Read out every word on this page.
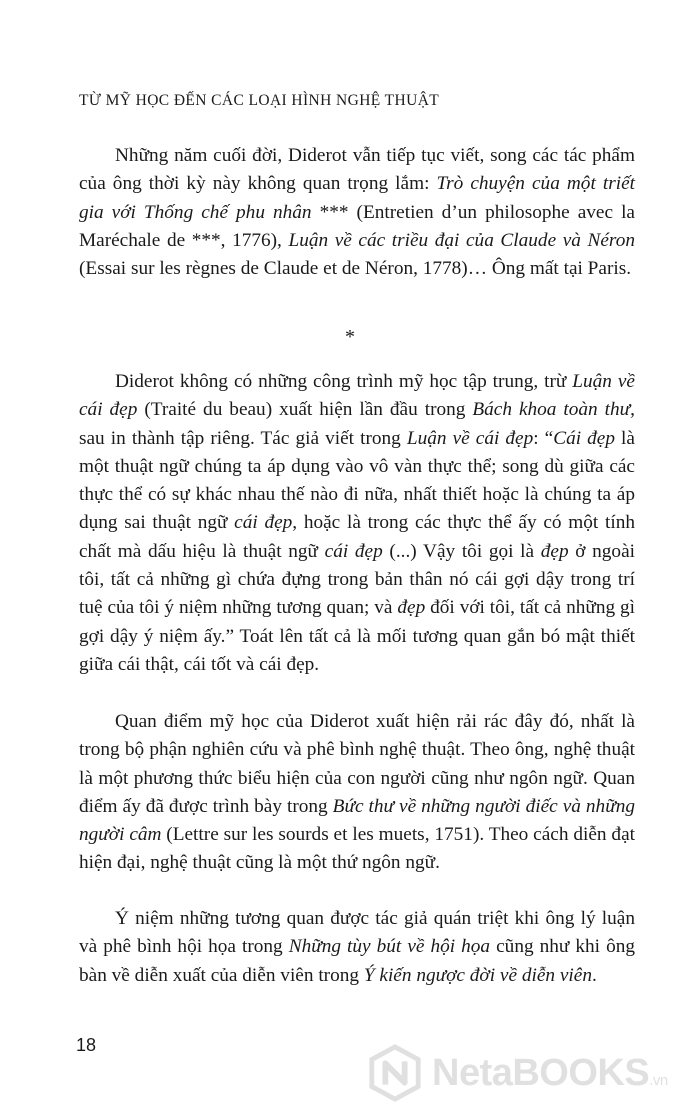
TỪ MỸ HỌC ĐẾN CÁC LOẠI HÌNH NGHỆ THUẬT

Những năm cuối đời, Diderot vẫn tiếp tục viết, song các tác phẩm của ông thời kỳ này không quan trọng lắm: Trò chuyện của một triết gia với Thống chế phu nhân *** (Entretien d’un philosophe avec la Maréchale de ***, 1776), Luận về các triều đại của Claude và Néron (Essai sur les règnes de Claude et de Néron, 1778)… Ông mất tại Paris.

*

Diderot không có những công trình mỹ học tập trung, trừ Luận về cái đẹp (Traité du beau) xuất hiện lần đầu trong Bách khoa toàn thư, sau in thành tập riêng. Tác giả viết trong Luận về cái đẹp: “Cái đẹp là một thuật ngữ chúng ta áp dụng vào vô vàn thực thể; song dù giữa các thực thể có sự khác nhau thế nào đi nữa, nhất thiết hoặc là chúng ta áp dụng sai thuật ngữ cái đẹp, hoặc là trong các thực thể ấy có một tính chất mà dấu hiệu là thuật ngữ cái đẹp (...) Vậy tôi gọi là đẹp ở ngoài tôi, tất cả những gì chứa đựng trong bản thân nó cái gợi dậy trong trí tuệ của tôi ý niệm những tương quan; và đẹp đối với tôi, tất cả những gì gợi dậy ý niệm ấy.” Toát lên tất cả là mối tương quan gắn bó mật thiết giữa cái thật, cái tốt và cái đẹp.

Quan điểm mỹ học của Diderot xuất hiện rải rác đây đó, nhất là trong bộ phận nghiên cứu và phê bình nghệ thuật. Theo ông, nghệ thuật là một phương thức biểu hiện của con người cũng như ngôn ngữ. Quan điểm ấy đã được trình bày trong Bức thư về những người điếc và những người câm (Lettre sur les sourds et les muets, 1751). Theo cách diễn đạt hiện đại, nghệ thuật cũng là một thứ ngôn ngữ.

Ý niệm những tương quan được tác giả quán triệt khi ông lý luận và phê bình hội họa trong Những tùy bút về hội họa cũng như khi ông bàn về diễn xuất của diễn viên trong Ý kiến ngược đời về diễn viên.

18
NetaBOOKS.vn
